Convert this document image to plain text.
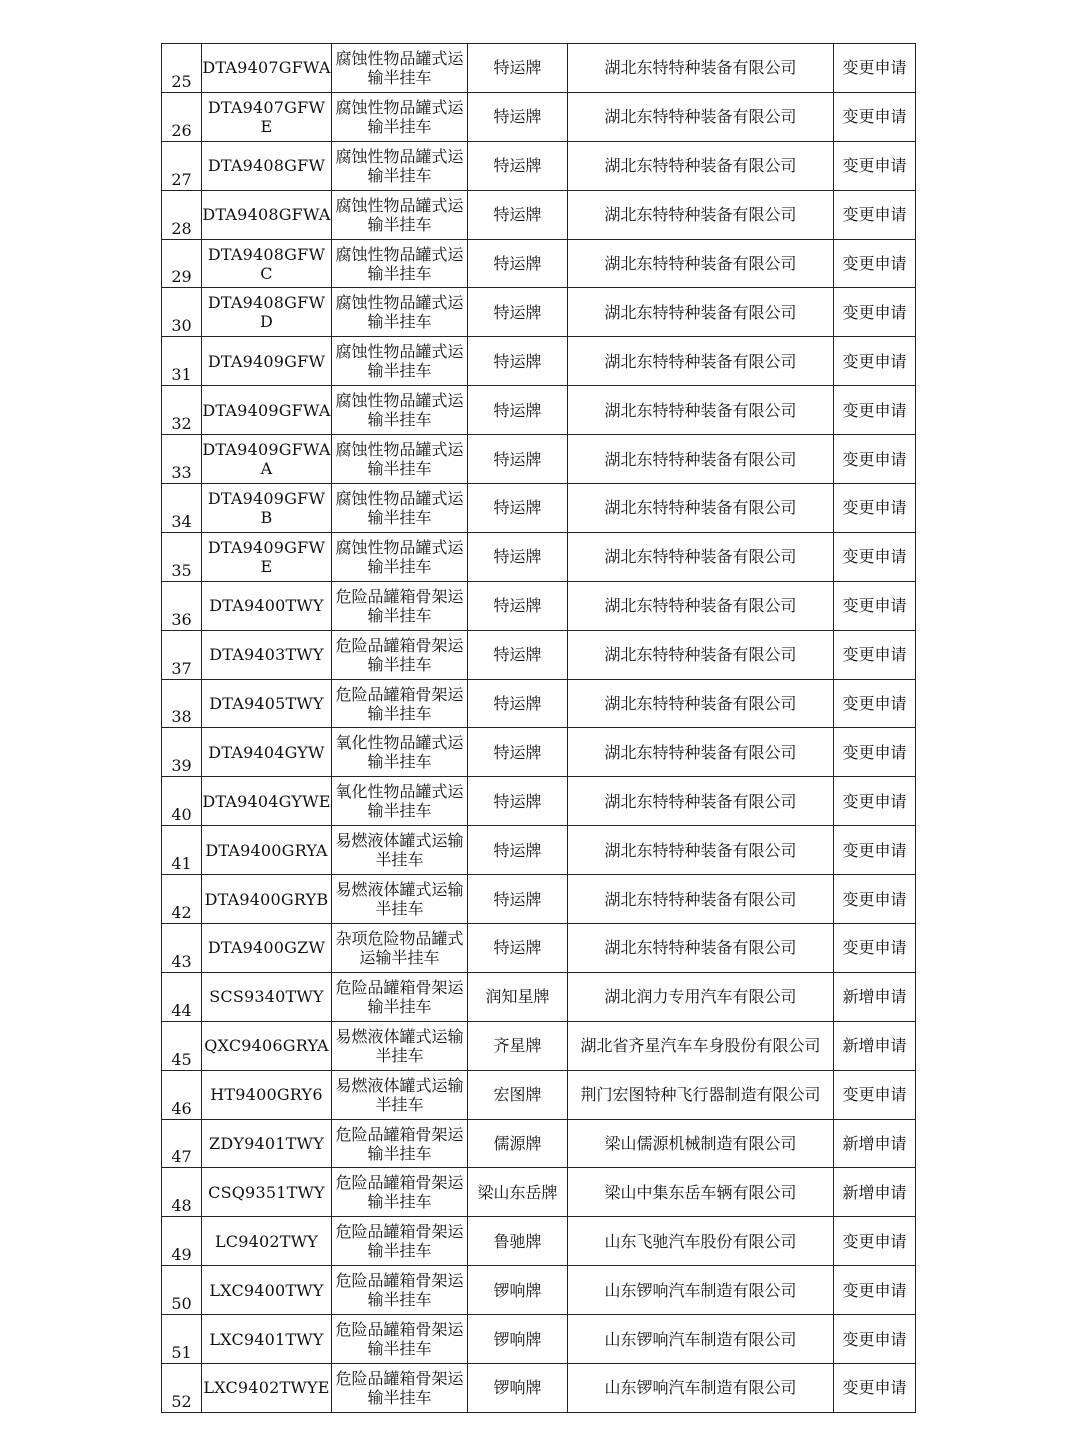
25	DTA9407GFWA	腐蚀性物品罐式运输半挂车	特运牌	湖北东特特种装备有限公司	变更申请
26	DTA9407GFWE	腐蚀性物品罐式运输半挂车	特运牌	湖北东特特种装备有限公司	变更申请
27	DTA9408GFW	腐蚀性物品罐式运输半挂车	特运牌	湖北东特特种装备有限公司	变更申请
28	DTA9408GFWA	腐蚀性物品罐式运输半挂车	特运牌	湖北东特特种装备有限公司	变更申请
29	DTA9408GFWC	腐蚀性物品罐式运输半挂车	特运牌	湖北东特特种装备有限公司	变更申请
30	DTA9408GFWD	腐蚀性物品罐式运输半挂车	特运牌	湖北东特特种装备有限公司	变更申请
31	DTA9409GFW	腐蚀性物品罐式运输半挂车	特运牌	湖北东特特种装备有限公司	变更申请
32	DTA9409GFWA	腐蚀性物品罐式运输半挂车	特运牌	湖北东特特种装备有限公司	变更申请
33	DTA9409GFWAA	腐蚀性物品罐式运输半挂车	特运牌	湖北东特特种装备有限公司	变更申请
34	DTA9409GFWB	腐蚀性物品罐式运输半挂车	特运牌	湖北东特特种装备有限公司	变更申请
35	DTA9409GFWE	腐蚀性物品罐式运输半挂车	特运牌	湖北东特特种装备有限公司	变更申请
36	DTA9400TWY	危险品罐箱骨架运输半挂车	特运牌	湖北东特特种装备有限公司	变更申请
37	DTA9403TWY	危险品罐箱骨架运输半挂车	特运牌	湖北东特特种装备有限公司	变更申请
38	DTA9405TWY	危险品罐箱骨架运输半挂车	特运牌	湖北东特特种装备有限公司	变更申请
39	DTA9404GYW	氧化性物品罐式运输半挂车	特运牌	湖北东特特种装备有限公司	变更申请
40	DTA9404GYWE	氧化性物品罐式运输半挂车	特运牌	湖北东特特种装备有限公司	变更申请
41	DTA9400GRYA	易燃液体罐式运输半挂车	特运牌	湖北东特特种装备有限公司	变更申请
42	DTA9400GRYB	易燃液体罐式运输半挂车	特运牌	湖北东特特种装备有限公司	变更申请
43	DTA9400GZW	杂项危险物品罐式运输半挂车	特运牌	湖北东特特种装备有限公司	变更申请
44	SCS9340TWY	危险品罐箱骨架运输半挂车	润知星牌	湖北润力专用汽车有限公司	新增申请
45	QXC9406GRYA	易燃液体罐式运输半挂车	齐星牌	湖北省齐星汽车车身股份有限公司	新增申请
46	HT9400GRY6	易燃液体罐式运输半挂车	宏图牌	荆门宏图特种飞行器制造有限公司	变更申请
47	ZDY9401TWY	危险品罐箱骨架运输半挂车	儒源牌	梁山儒源机械制造有限公司	新增申请
48	CSQ9351TWY	危险品罐箱骨架运输半挂车	梁山东岳牌	梁山中集东岳车辆有限公司	新增申请
49	LC9402TWY	危险品罐箱骨架运输半挂车	鲁驰牌	山东飞驰汽车股份有限公司	变更申请
50	LXC9400TWY	危险品罐箱骨架运输半挂车	锣响牌	山东锣响汽车制造有限公司	变更申请
51	LXC9401TWY	危险品罐箱骨架运输半挂车	锣响牌	山东锣响汽车制造有限公司	变更申请
52	LXC9402TWYE	危险品罐箱骨架运输半挂车	锣响牌	山东锣响汽车制造有限公司	变更申请
